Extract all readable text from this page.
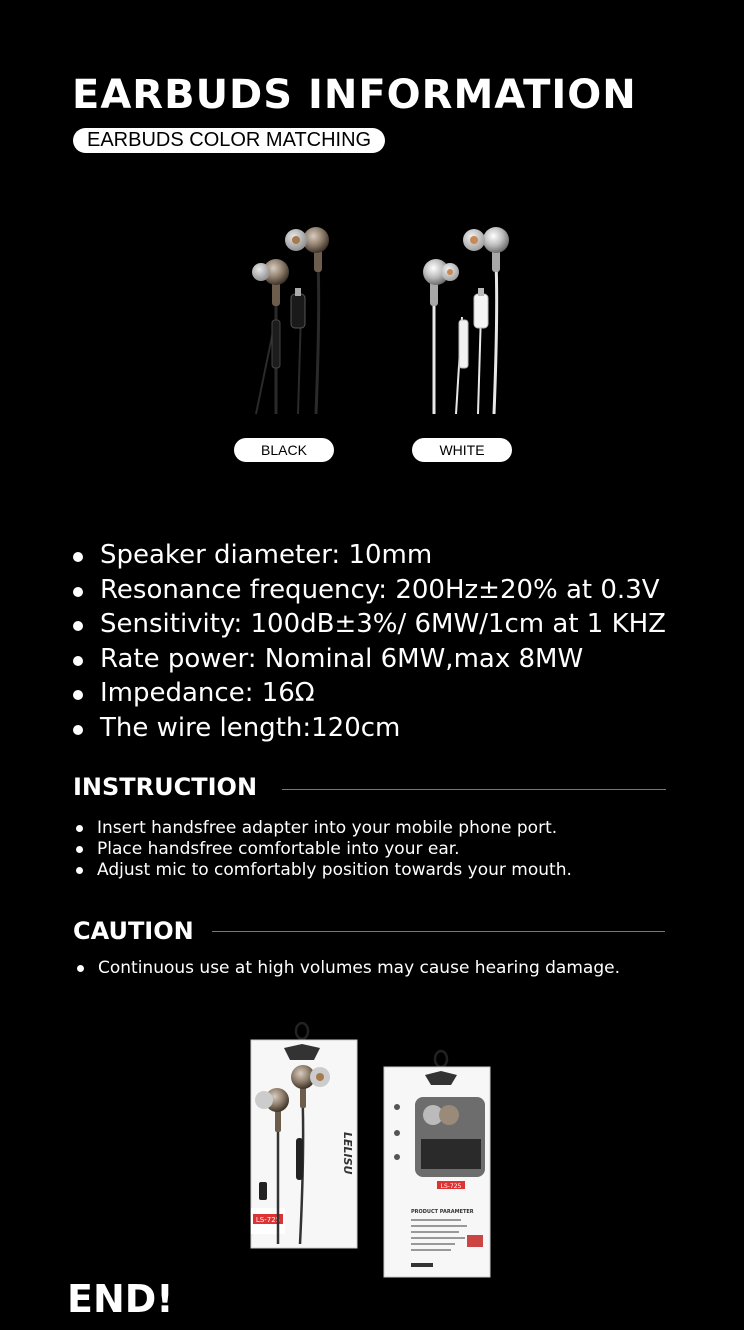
EARBUDS INFORMATION
EARBUDS COLOR MATCHING
BLACK	WHITE
Speaker diameter: 10mm
Resonance frequency: 200Hz±20% at 0.3V
Sensitivity: 100dB±3%/ 6MW/1cm at 1 KHZ
Rate power: Nominal 6MW,max 8MW
Impedance: 16Ω
The wire length:120cm
INSTRUCTION
Insert handsfree adapter into your mobile phone port.
Place handsfree comfortable into your ear.
Adjust mic to comfortably position towards your mouth.
CAUTION
Continuous use at high volumes may cause hearing damage.
LS-725
LELISU
LS-725
PRODUCT PARAMETER
END!
